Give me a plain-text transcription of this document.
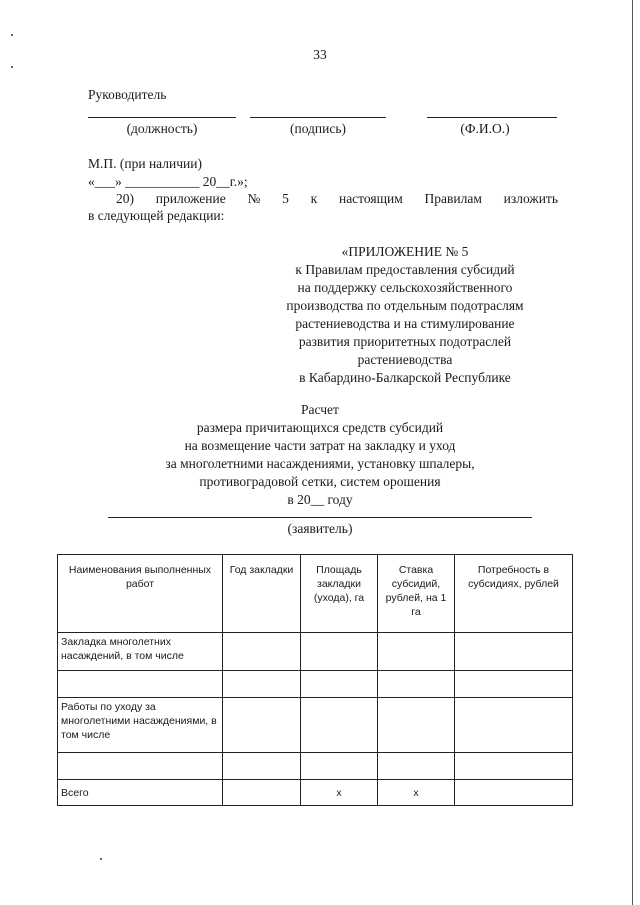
33
Руководитель
(должность)	(подпись)	(Ф.И.О.)
М.П. (при наличии)
«___» ___________ 20__г.»;
20) приложение № 5 к настоящим Правилам изложить
в следующей редакции:
«ПРИЛОЖЕНИЕ № 5
к Правилам предоставления субсидий
на поддержку сельскохозяйственного
производства по отдельным подотраслям
растениеводства и на стимулирование
развития приоритетных подотраслей
растениеводства
в Кабардино-Балкарской Республике
Расчет
размера причитающихся средств субсидий
на возмещение части затрат на закладку и уход
за многолетними насаждениями, установку шпалеры,
противоградовой сетки, систем орошения
в 20__ году
(заявитель)
Наименования выполненных работ	Год закладки	Площадь закладки (ухода), га	Ставка субсидий, рублей, на 1 га	Потребность в субсидиях, рублей
Закладка многолетних насаждений, в том числе				

Работы по уходу за многолетними насаждениями, в том числе				

Всего		х	х	
